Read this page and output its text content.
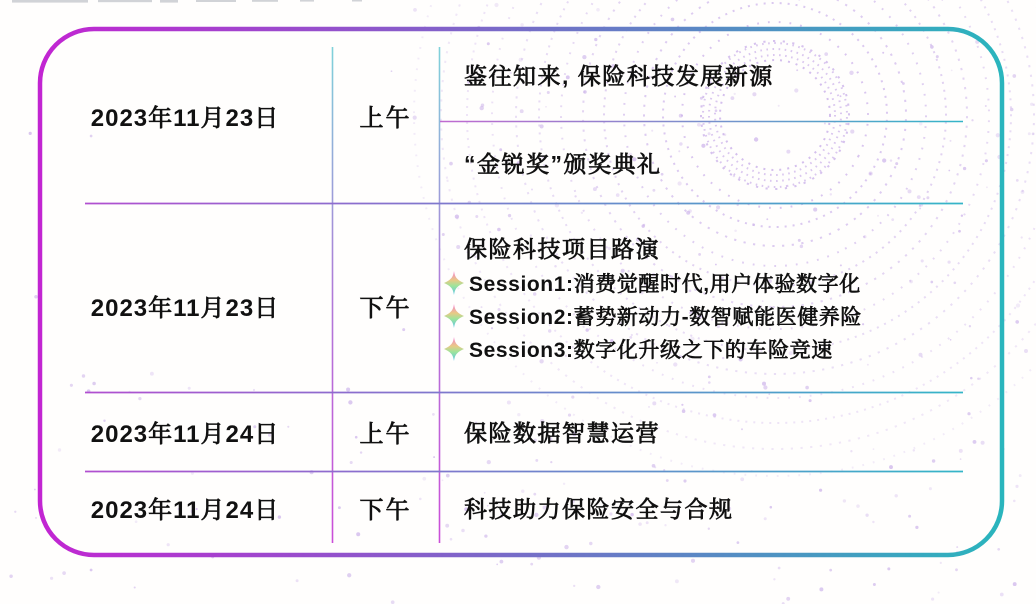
2023年11月23日	上午
鉴往知来, 保险科技发展新源
“金锐奖”颁奖典礼
2023年11月23日	下午
保险科技项目路演
Session1:消费觉醒时代,用户体验数字化
Session2:蓄势新动力-数智赋能医健养险
Session3:数字化升级之下的车险竞速
2023年11月24日	上午 保险数据智慧运营
2023年11月24日	下午 科技助力保险安全与合规
